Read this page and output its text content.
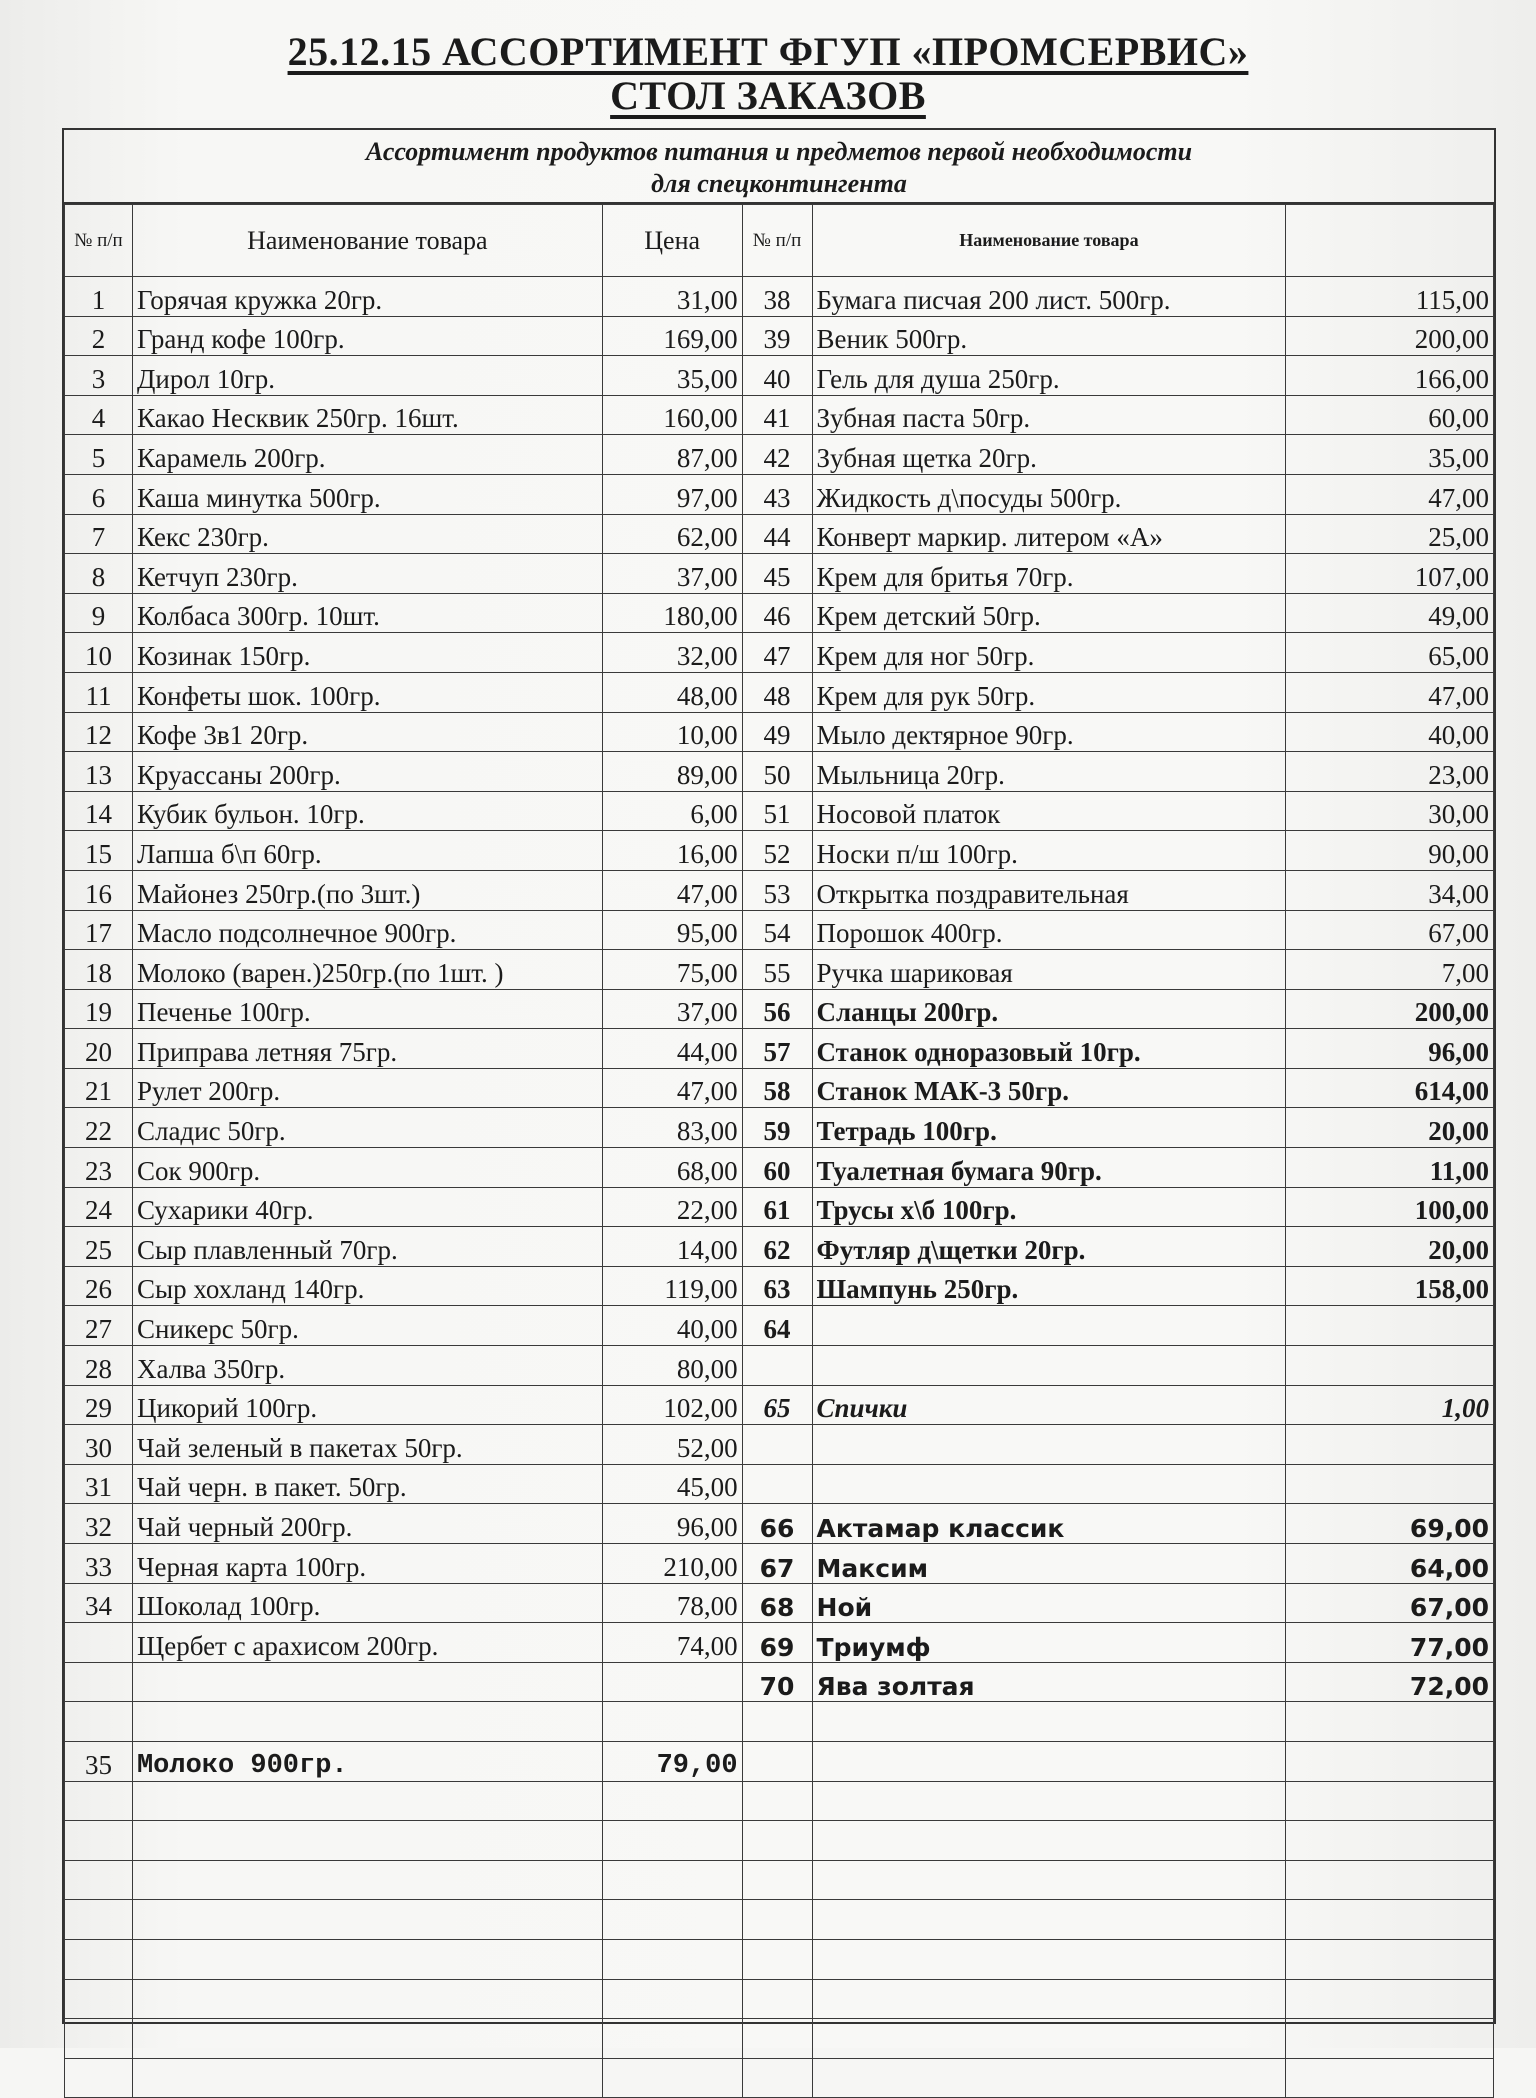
25.12.15 АССОРТИМЕНТ ФГУП «ПРОМСЕРВИС»
СТОЛ ЗАКАЗОВ
Ассортимент продуктов питания и предметов первой необходимости
для спецконтингента
№ п/п	Наименование товара	Цена	№ п/п	Наименование товара	
1	Горячая кружка 20гр.	31,00	38	Бумага писчая 200 лист. 500гр.	115,00
2	Гранд кофе 100гр.	169,00	39	Веник 500гр.	200,00
3	Дирол 10гр.	35,00	40	Гель для душа 250гр.	166,00
4	Какао Несквик 250гр. 16шт.	160,00	41	Зубная паста 50гр.	60,00
5	Карамель 200гр.	87,00	42	Зубная щетка 20гр.	35,00
6	Каша минутка 500гр.	97,00	43	Жидкость д\посуды 500гр.	47,00
7	Кекс 230гр.	62,00	44	Конверт маркир. литером «А»	25,00
8	Кетчуп 230гр.	37,00	45	Крем для бритья 70гр.	107,00
9	Колбаса 300гр. 10шт.	180,00	46	Крем детский 50гр.	49,00
10	Козинак 150гр.	32,00	47	Крем для ног 50гр.	65,00
11	Конфеты шок. 100гр.	48,00	48	Крем для рук 50гр.	47,00
12	Кофе 3в1 20гр.	10,00	49	Мыло дектярное 90гр.	40,00
13	Круассаны 200гр.	89,00	50	Мыльница 20гр.	23,00
14	Кубик бульон. 10гр.	6,00	51	Носовой платок	30,00
15	Лапша б\п 60гр.	16,00	52	Носки п/ш 100гр.	90,00
16	Майонез 250гр.(по 3шт.)	47,00	53	Открытка поздравительная	34,00
17	Масло подсолнечное 900гр.	95,00	54	Порошок 400гр.	67,00
18	Молоко (варен.)250гр.(по 1шт. )	75,00	55	Ручка шариковая	7,00
19	Печенье 100гр.	37,00	56	Сланцы 200гр.	200,00
20	Приправа летняя 75гр.	44,00	57	Станок одноразовый 10гр.	96,00
21	Рулет 200гр.	47,00	58	Станок МАК-3 50гр.	614,00
22	Сладис 50гр.	83,00	59	Тетрадь 100гр.	20,00
23	Сок 900гр.	68,00	60	Туалетная бумага 90гр.	11,00
24	Сухарики 40гр.	22,00	61	Трусы х\б 100гр.	100,00
25	Сыр плавленный 70гр.	14,00	62	Футляр д\щетки 20гр.	20,00
26	Сыр хохланд 140гр.	119,00	63	Шампунь 250гр.	158,00
27	Сникерс 50гр.	40,00	64		
28	Халва 350гр.	80,00			
29	Цикорий 100гр.	102,00	65	Спички	1,00
30	Чай зеленый в пакетах 50гр.	52,00			
31	Чай черн. в пакет. 50гр.	45,00			
32	Чай черный 200гр.	96,00	66	Актамар классик	69,00
33	Черная карта 100гр.	210,00	67	Максим	64,00
34	Шоколад 100гр.	78,00	68	Ной	67,00
	Щербет с арахисом 200гр.	74,00	69	Триумф	77,00
			70	Ява золтая	72,00

35	Молоко 900гр.	79,00			
